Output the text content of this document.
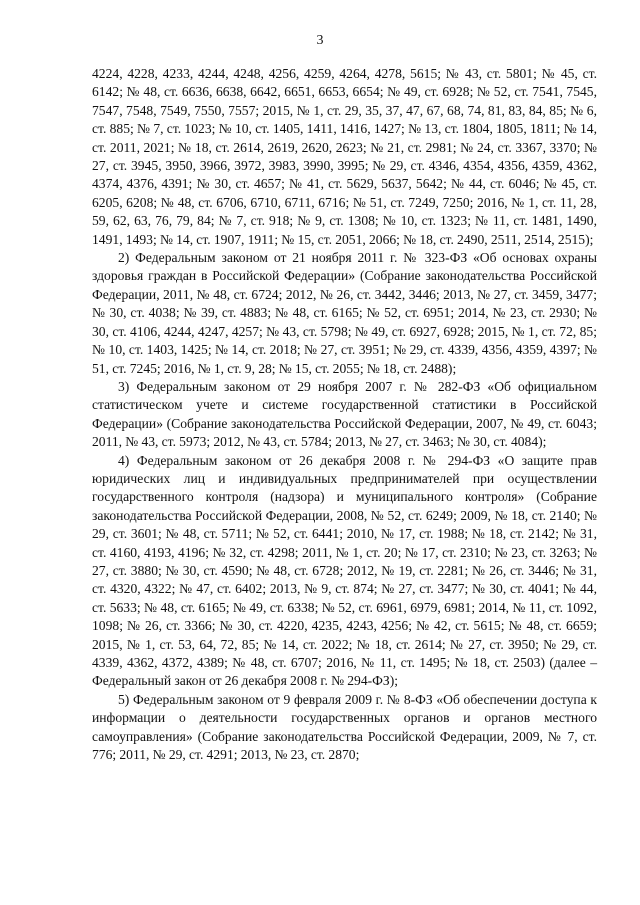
3

4224, 4228, 4233, 4244, 4248, 4256, 4259, 4264, 4278, 5615; № 43, ст. 5801; № 45, ст. 6142; № 48, ст. 6636, 6638, 6642, 6651, 6653, 6654; № 49, ст. 6928; № 52, ст. 7541, 7545, 7547, 7548, 7549, 7550, 7557; 2015, № 1, ст. 29, 35, 37, 47, 67, 68, 74, 81, 83, 84, 85; № 6, ст. 885; № 7, ст. 1023; № 10, ст. 1405, 1411, 1416, 1427; № 13, ст. 1804, 1805, 1811; № 14, ст. 2011, 2021; № 18, ст. 2614, 2619, 2620, 2623; № 21, ст. 2981; № 24, ст. 3367, 3370; № 27, ст. 3945, 3950, 3966, 3972, 3983, 3990, 3995; № 29, ст. 4346, 4354, 4356, 4359, 4362, 4374, 4376, 4391; № 30, ст. 4657; № 41, ст. 5629, 5637, 5642; № 44, ст. 6046; № 45, ст. 6205, 6208; № 48, ст. 6706, 6710, 6711, 6716; № 51, ст. 7249, 7250; 2016, № 1, ст. 11, 28, 59, 62, 63, 76, 79, 84; № 7, ст. 918; № 9, ст. 1308; № 10, ст. 1323; № 11, ст. 1481, 1490, 1491, 1493; № 14, ст. 1907, 1911; № 15, ст. 2051, 2066; № 18, ст. 2490, 2511, 2514, 2515);

2) Федеральным законом от 21 ноября 2011 г. № 323-ФЗ «Об основах охраны здоровья граждан в Российской Федерации» (Собрание законодательства Российской Федерации, 2011, № 48, ст. 6724; 2012, № 26, ст. 3442, 3446; 2013, № 27, ст. 3459, 3477; № 30, ст. 4038; № 39, ст. 4883; № 48, ст. 6165; № 52, ст. 6951; 2014, № 23, ст. 2930; № 30, ст. 4106, 4244, 4247, 4257; № 43, ст. 5798; № 49, ст. 6927, 6928; 2015, № 1, ст. 72, 85; № 10, ст. 1403, 1425; № 14, ст. 2018; № 27, ст. 3951; № 29, ст. 4339, 4356, 4359, 4397; № 51, ст. 7245; 2016, № 1, ст. 9, 28; № 15, ст. 2055; № 18, ст. 2488);

3) Федеральным законом от 29 ноября 2007 г. № 282-ФЗ «Об официальном статистическом учете и системе государственной статистики в Российской Федерации» (Собрание законодательства Российской Федерации, 2007, № 49, ст. 6043; 2011, № 43, ст. 5973; 2012, № 43, ст. 5784; 2013, № 27, ст. 3463; № 30, ст. 4084);

4) Федеральным законом от 26 декабря 2008 г. № 294-ФЗ «О защите прав юридических лиц и индивидуальных предпринимателей при осуществлении государственного контроля (надзора) и муниципального контроля» (Собрание законодательства Российской Федерации, 2008, № 52, ст. 6249; 2009, № 18, ст. 2140; № 29, ст. 3601; № 48, ст. 5711; № 52, ст. 6441; 2010, № 17, ст. 1988; № 18, ст. 2142; № 31, ст. 4160, 4193, 4196; № 32, ст. 4298; 2011, № 1, ст. 20; № 17, ст. 2310; № 23, ст. 3263; № 27, ст. 3880; № 30, ст. 4590; № 48, ст. 6728; 2012, № 19, ст. 2281; № 26, ст. 3446; № 31, ст. 4320, 4322; № 47, ст. 6402; 2013, № 9, ст. 874; № 27, ст. 3477; № 30, ст. 4041; № 44, ст. 5633; № 48, ст. 6165; № 49, ст. 6338; № 52, ст. 6961, 6979, 6981; 2014, № 11, ст. 1092, 1098; № 26, ст. 3366; № 30, ст. 4220, 4235, 4243, 4256; № 42, ст. 5615; № 48, ст. 6659; 2015, № 1, ст. 53, 64, 72, 85; № 14, ст. 2022; № 18, ст. 2614; № 27, ст. 3950; № 29, ст. 4339, 4362, 4372, 4389; № 48, ст. 6707; 2016, № 11, ст. 1495; № 18, ст. 2503) (далее – Федеральный закон от 26 декабря 2008 г. № 294-ФЗ);

5) Федеральным законом от 9 февраля 2009 г. № 8-ФЗ «Об обеспечении доступа к информации о деятельности государственных органов и органов местного самоуправления» (Собрание законодательства Российской Федерации, 2009, № 7, ст. 776; 2011, № 29, ст. 4291; 2013, № 23, ст. 2870;
